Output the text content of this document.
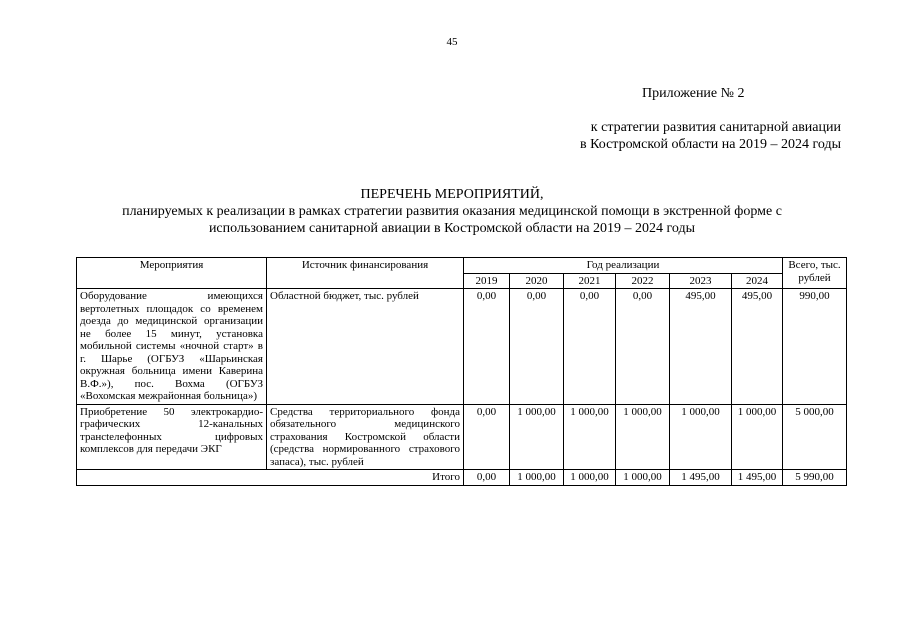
45
Приложение № 2
к стратегии развития санитарной авиации
в Костромской области на 2019 – 2024 годы
ПЕРЕЧЕНЬ МЕРОПРИЯТИЙ,
планируемых к реализации в рамках стратегии развития оказания медицинской помощи в экстренной форме с
использованием санитарной авиации в Костромской области на 2019 – 2024 годы
Мероприятия	Источник финансирования	Год реализации						Всего, тыс. рублей
		2019	2020	2021	2022	2023	2024	
Оборудование имеющихся вертолетных площадок со временем доезда до медицинской организации не более 15 минут, установка мобильной системы «ночной старт» в г. Шарье (ОГБУЗ «Шарьинская окружная больница имени Каверина В.Ф.»), пос. Вохма (ОГБУЗ «Вохомская межрайонная больница»)	Областной бюджет, тыс. рублей	0,00	0,00	0,00	0,00	495,00	495,00	990,00
Приобретение 50 электрокардио-графических 12-канальных трансtелефонных цифровых комплексов для передачи ЭКГ	Средства территориального фонда обязательного медицинского страхования Костромской области (средства нормированного страхового запаса), тыс. рублей	0,00	1 000,00	1 000,00	1 000,00	1 000,00	1 000,00	5 000,00
Итого		0,00	1 000,00	1 000,00	1 000,00	1 495,00	1 495,00	5 990,00
